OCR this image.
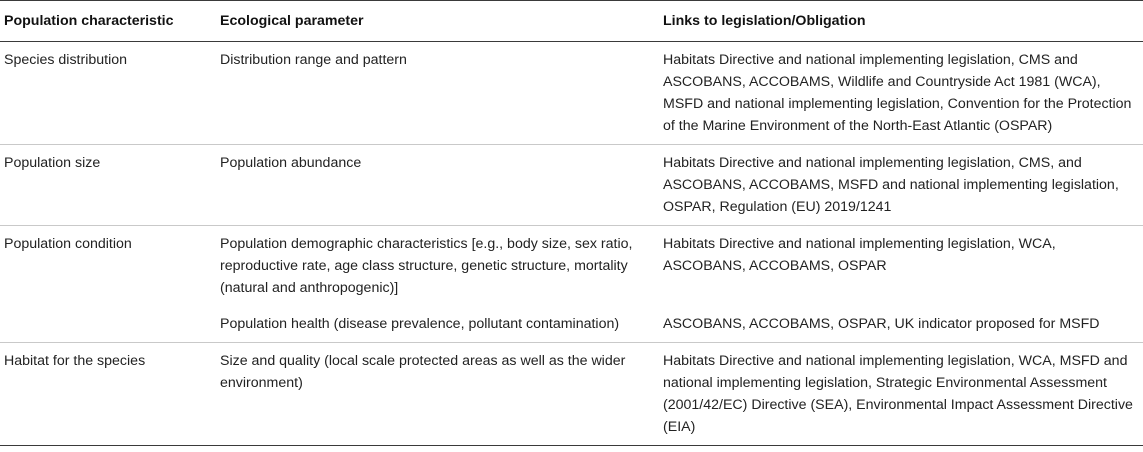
Population characteristic	Ecological parameter	Links to legislation/Obligation
Species distribution	Distribution range and pattern	Habitats Directive and national implementing legislation, CMS and ASCOBANS, ACCOBAMS, Wildlife and Countryside Act 1981 (WCA), MSFD and national implementing legislation, Convention for the Protection of the Marine Environment of the North-East Atlantic (OSPAR)
Population size	Population abundance	Habitats Directive and national implementing legislation, CMS, and ASCOBANS, ACCOBAMS, MSFD and national implementing legislation, OSPAR, Regulation (EU) 2019/1241
Population condition	Population demographic characteristics [e.g., body size, sex ratio, reproductive rate, age class structure, genetic structure, mortality (natural and anthropogenic)]	Habitats Directive and national implementing legislation, WCA, ASCOBANS, ACCOBAMS, OSPAR
	Population health (disease prevalence, pollutant contamination)	ASCOBANS, ACCOBAMS, OSPAR, UK indicator proposed for MSFD
Habitat for the species	Size and quality (local scale protected areas as well as the wider environment)	Habitats Directive and national implementing legislation, WCA, MSFD and national implementing legislation, Strategic Environmental Assessment (2001/42/EC) Directive (SEA), Environmental Impact Assessment Directive (EIA)
